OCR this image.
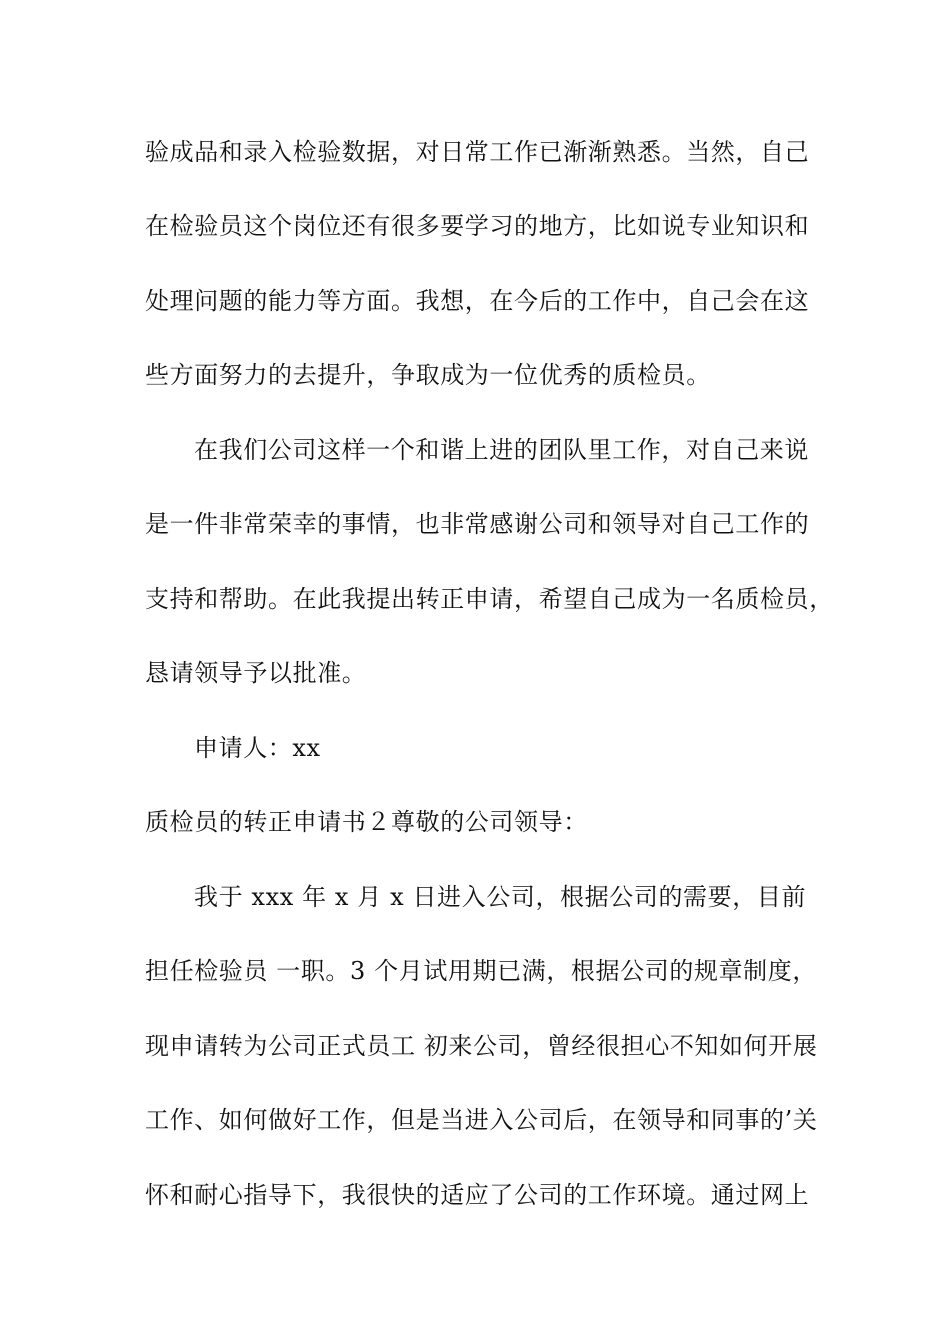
验成品和录入检验数据，对日常工作已渐渐熟悉。当然，自己
在检验员这个岗位还有很多要学习的地方，比如说专业知识和
处理问题的能力等方面。我想，在今后的工作中，自己会在这
些方面努力的去提升，争取成为一位优秀的质检员。
在我们公司这样一个和谐上进的团队里工作，对自己来说
是一件非常荣幸的事情，也非常感谢公司和领导对自己工作的
支持和帮助。在此我提出转正申请，希望自己成为一名质检员，
恳请领导予以批准。
申请人：xx
质检员的转正申请书２尊敬的公司领导：
我于 xxx 年 x 月 x 日进入公司，根据公司的需要，目前
担任检验员 一职。3 个月试用期已满，根据公司的规章制度，
现申请转为公司正式员工 初来公司，曾经很担心不知如何开展
工作、如何做好工作，但是当进入公司后，在领导和同事的’关
怀和耐心指导下，我很快的适应了公司的工作环境。通过网上
